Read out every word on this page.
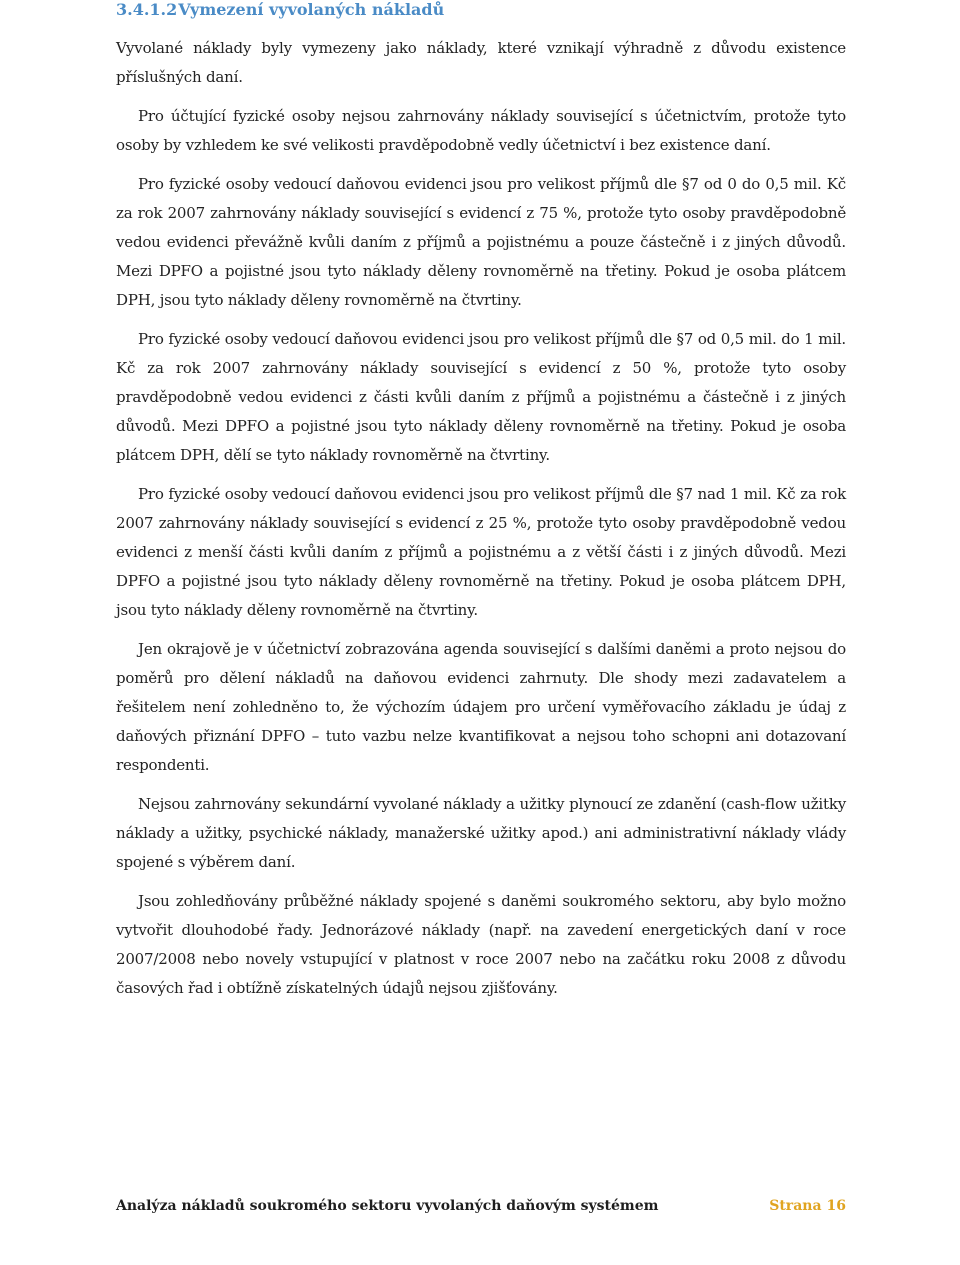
3.4.1.2Vymezení vyvolaných nákladů

Vyvolané náklady byly vymezeny jako náklady, které vznikají výhradně z důvodu existence příslušných daní.

Pro účtující fyzické osoby nejsou zahrnovány náklady související s účetnictvím, protože tyto osoby by vzhledem ke své velikosti pravděpodobně vedly účetnictví i bez existence daní.

Pro fyzické osoby vedoucí daňovou evidenci jsou pro velikost příjmů dle §7 od 0 do 0,5 mil. Kč za rok 2007 zahrnovány náklady související s evidencí z 75 %, protože tyto osoby pravděpodobně vedou evidenci převážně kvůli daním z příjmů a pojistnému a pouze částečně i z jiných důvodů. Mezi DPFO a pojistné jsou tyto náklady děleny rovnoměrně na třetiny. Pokud je osoba plátcem DPH, jsou tyto náklady děleny rovnoměrně na čtvrtiny.

Pro fyzické osoby vedoucí daňovou evidenci jsou pro velikost příjmů dle §7 od 0,5 mil. do 1 mil. Kč za rok 2007 zahrnovány náklady související s evidencí z 50 %, protože tyto osoby pravděpodobně vedou evidenci z části kvůli daním z příjmů a pojistnému a částečně i z jiných důvodů. Mezi DPFO a pojistné jsou tyto náklady děleny rovnoměrně na třetiny. Pokud je osoba plátcem DPH, dělí se tyto náklady rovnoměrně na čtvrtiny.

Pro fyzické osoby vedoucí daňovou evidenci jsou pro velikost příjmů dle §7 nad 1 mil. Kč za rok 2007 zahrnovány náklady související s evidencí z 25 %, protože tyto osoby pravděpodobně vedou evidenci z menší části kvůli daním z příjmů a pojistnému a z větší části i z jiných důvodů. Mezi DPFO a pojistné jsou tyto náklady děleny rovnoměrně na třetiny. Pokud je osoba plátcem DPH, jsou tyto náklady děleny rovnoměrně na čtvrtiny.

Jen okrajově je v účetnictví zobrazována agenda související s dalšími daněmi a proto nejsou do poměrů pro dělení nákladů na daňovou evidenci zahrnuty. Dle shody mezi zadavatelem a řešitelem není zohledněno to, že výchozím údajem pro určení vyměřovacího základu je údaj z daňových přiznání DPFO – tuto vazbu nelze kvantifikovat a nejsou toho schopni ani dotazovaní respondenti.

Nejsou zahrnovány sekundární vyvolané náklady a užitky plynoucí ze zdanění (cash-flow užitky náklady a užitky, psychické náklady, manažerské užitky apod.) ani administrativní náklady vlády spojené s výběrem daní.

Jsou zohledňovány průběžné náklady spojené s daněmi soukromého sektoru, aby bylo možno vytvořit dlouhodobé řady. Jednorázové náklady (např. na zavedení energetických daní v roce 2007/2008 nebo novely vstupující v platnost v roce 2007 nebo na začátku roku 2008 z důvodu časových řad i obtížně získatelných údajů nejsou zjišťovány.

Analýza nákladů soukromého sektoru vyvolaných daňovým systémem	Strana 16
